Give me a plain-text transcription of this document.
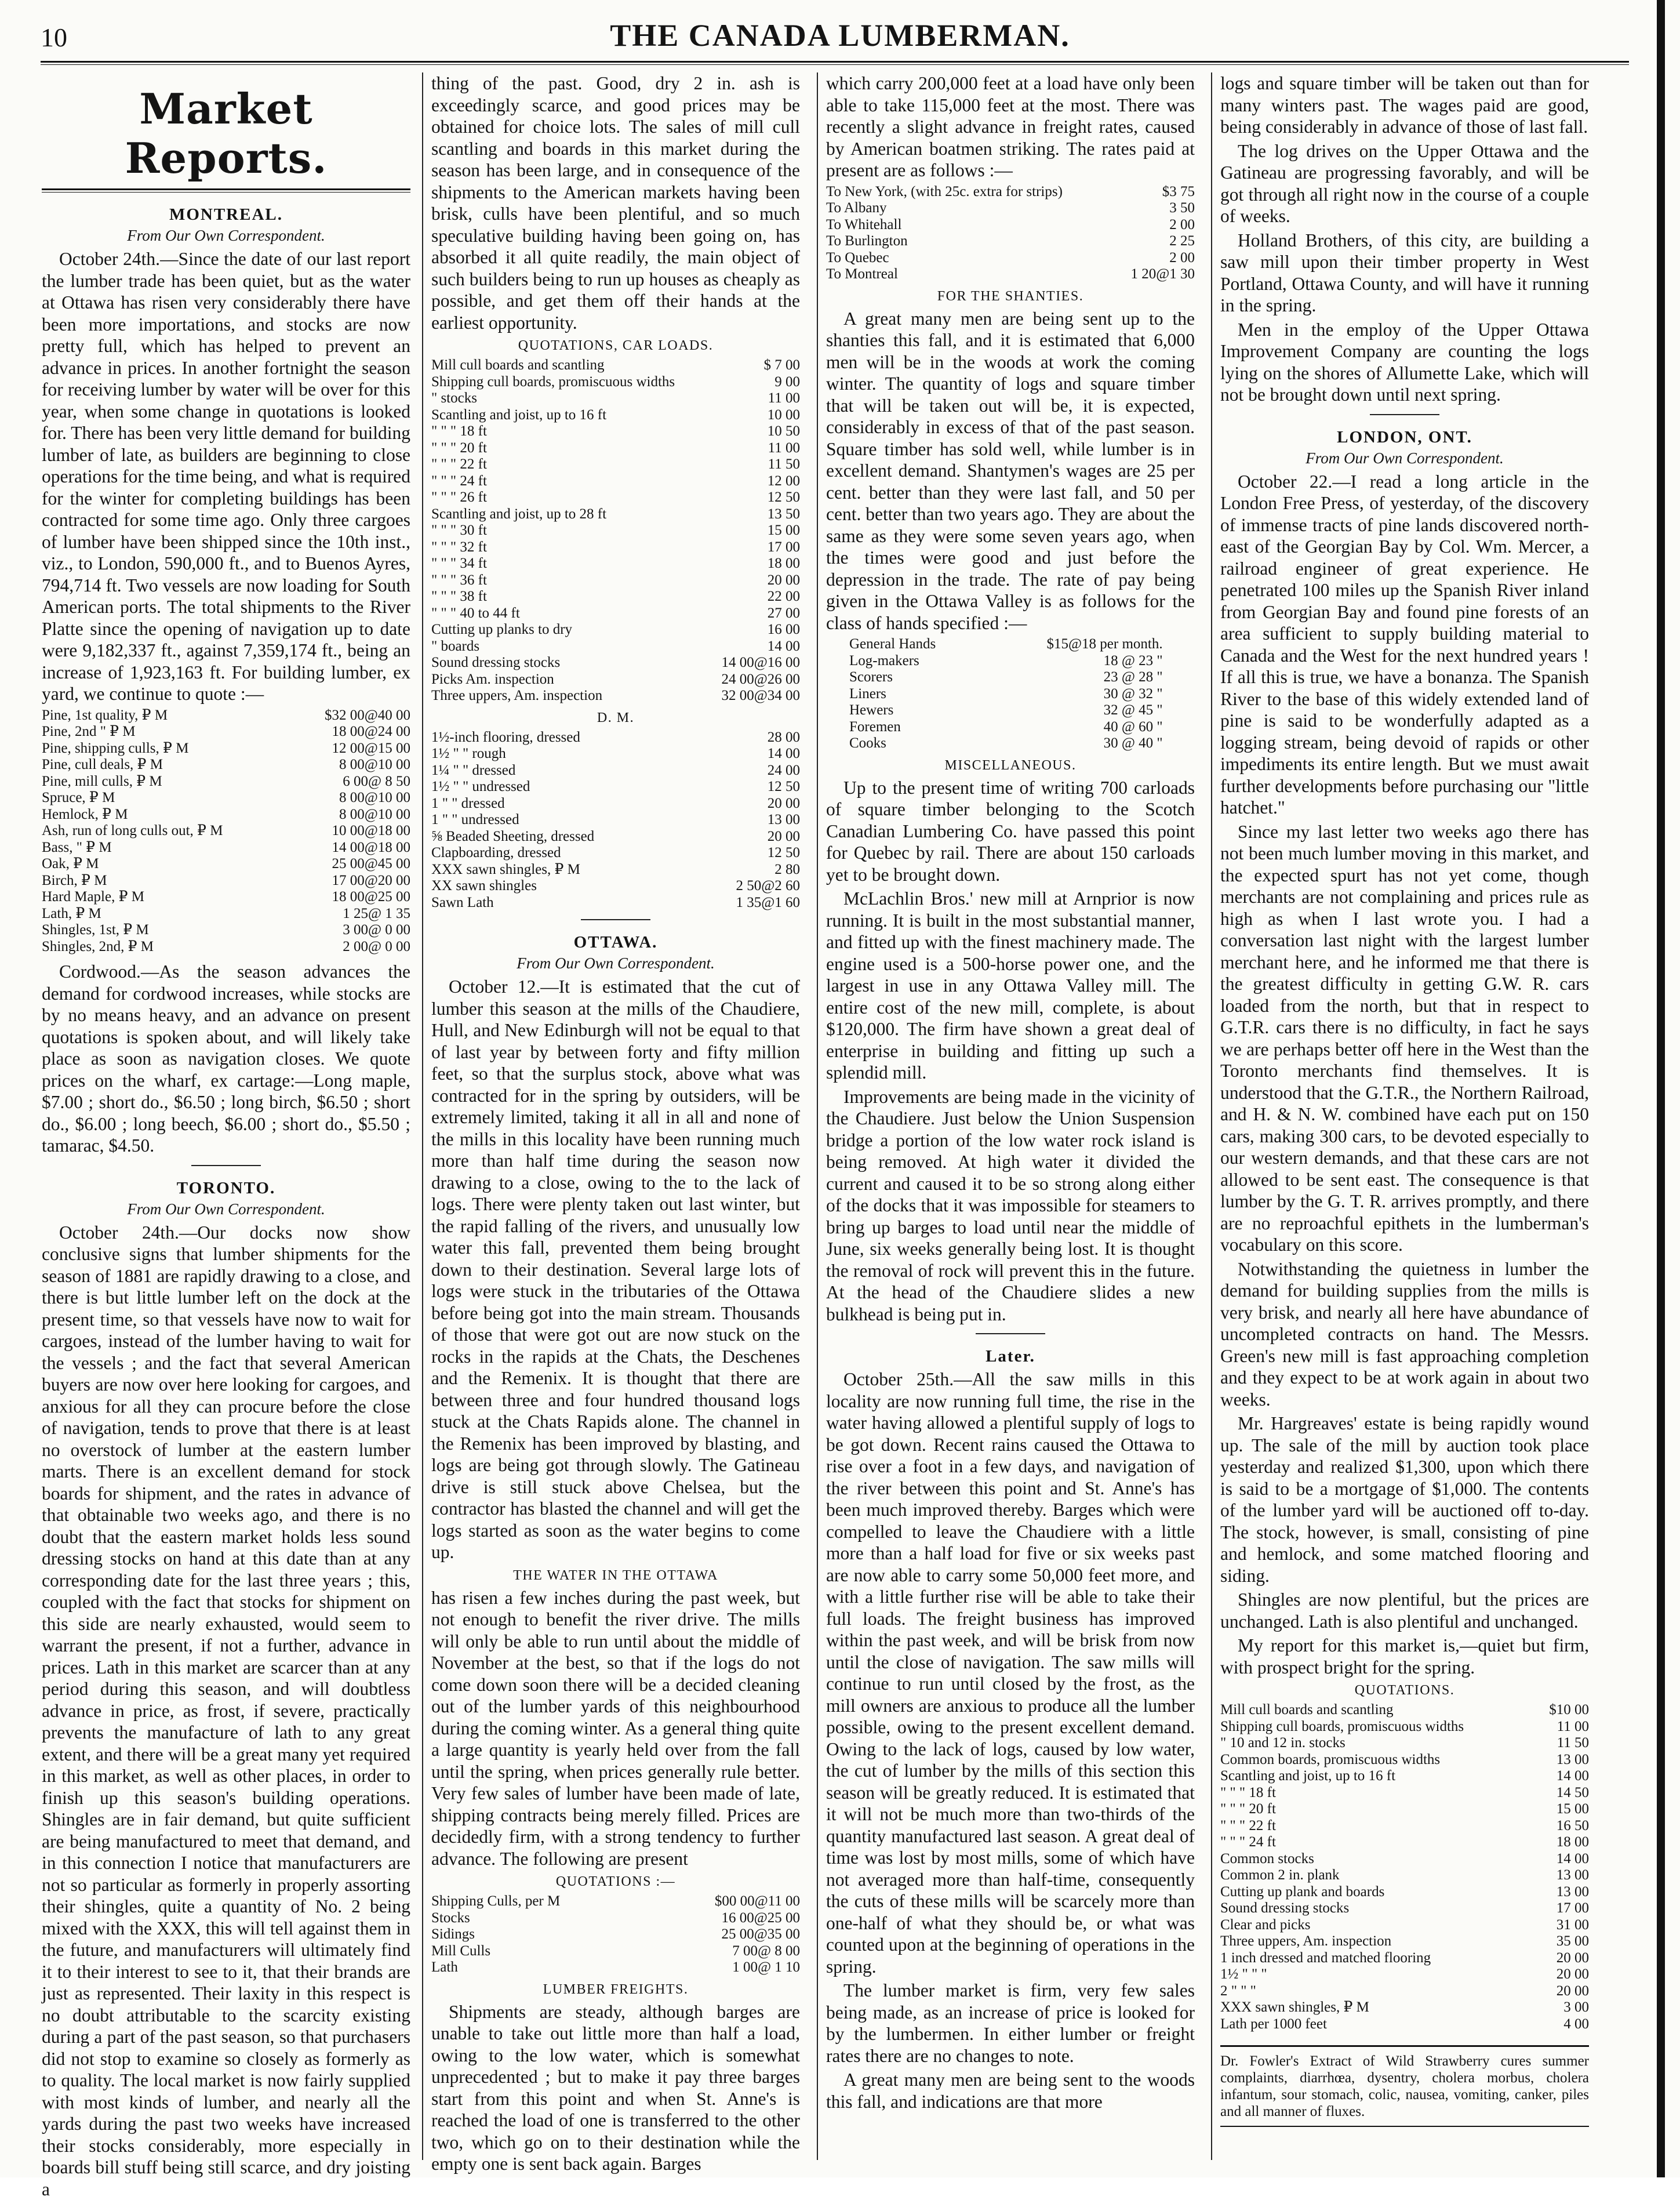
10	THE CANADA LUMBERMAN.
Market Reports.
MONTREAL.
From Our Own Correspondent.

October 24th.—Since the date of our last report the lumber trade has been quiet, but as the water at Ottawa has risen very considerably there have been more importations, and stocks are now pretty full, which has helped to prevent an advance in prices. In another fortnight the season for receiving lumber by water will be over for this year, when some change in quotations is looked for. There has been very little demand for building lumber of late, as builders are beginning to close operations for the time being, and what is required for the winter for completing buildings has been contracted for some time ago. Only three cargoes of lumber have been shipped since the 10th inst., viz., to London, 590,000 ft., and to Buenos Ayres, 794,714 ft. Two vessels are now loading for South American ports. The total shipments to the River Platte since the opening of navigation up to date were 9,182,337 ft., against 7,359,174 ft., being an increase of 1,923,163 ft. For building lumber, ex yard, we continue to quote :—

Pine, 1st quality, ₽ M	$32 00@40 00
Pine, 2nd " ₽ M	18 00@24 00
Pine, shipping culls, ₽ M	12 00@15 00
Pine, cull deals, ₽ M	8 00@10 00
Pine, mill culls, ₽ M	6 00@ 8 50
Spruce, ₽ M	8 00@10 00
Hemlock, ₽ M	8 00@10 00
Ash, run of long culls out, ₽ M	10 00@18 00
Bass, " ₽ M	14 00@18 00
Oak, ₽ M	25 00@45 00
Birch, ₽ M	17 00@20 00
Hard Maple, ₽ M	18 00@25 00
Lath, ₽ M	1 25@ 1 35
Shingles, 1st, ₽ M	3 00@ 0 00
Shingles, 2nd, ₽ M	2 00@ 0 00

Cordwood.—As the season advances the demand for cordwood increases, while stocks are by no means heavy, and an advance on present quotations is spoken about, and will likely take place as soon as navigation closes. We quote prices on the wharf, ex cartage:—Long maple, $7.00 ; short do., $6.50 ; long birch, $6.50 ; short do., $6.00 ; long beech, $6.00 ; short do., $5.50 ; tamarac, $4.50.

TORONTO.
From Our Own Correspondent.

October 24th.—Our docks now show conclusive signs that lumber shipments for the season of 1881 are rapidly drawing to a close, and there is but little lumber left on the dock at the present time, so that vessels have now to wait for cargoes, instead of the lumber having to wait for the vessels ; and the fact that several American buyers are now over here looking for cargoes, and anxious for all they can procure before the close of navigation, tends to prove that there is at least no overstock of lumber at the eastern lumber marts. There is an excellent demand for stock boards for shipment, and the rates in advance of that obtainable two weeks ago, and there is no doubt that the eastern market holds less sound dressing stocks on hand at this date than at any corresponding date for the last three years ; this, coupled with the fact that stocks for shipment on this side are nearly exhausted, would seem to warrant the present, if not a further, advance in prices. Lath in this market are scarcer than at any period during this season, and will doubtless advance in price, as frost, if severe, practically prevents the manufacture of lath to any great extent, and there will be a great many yet required in this market, as well as other places, in order to finish up this season's building operations. Shingles are in fair demand, but quite sufficient are being manufactured to meet that demand, and in this connection I notice that manufacturers are not so particular as formerly in properly assorting their shingles, quite a quantity of No. 2 being mixed with the XXX, this will tell against them in the future, and manufacturers will ultimately find it to their interest to see to it, that their brands are just as represented. Their laxity in this respect is no doubt attributable to the scarcity existing during a part of the past season, so that purchasers did not stop to examine so closely as formerly as to quality. The local market is now fairly supplied with most kinds of lumber, and nearly all the yards during the past two weeks have increased their stocks considerably, more especially in boards bill stuff being still scarce, and dry joisting a

thing of the past. Good, dry 2 in. ash is exceedingly scarce, and good prices may be obtained for choice lots. The sales of mill cull scantling and boards in this market during the season has been large, and in consequence of the shipments to the American markets having been brisk, culls have been plentiful, and so much speculative building having been going on, has absorbed it all quite readily, the main object of such builders being to run up houses as cheaply as possible, and get them off their hands at the earliest opportunity.

QUOTATIONS, CAR LOADS.
Mill cull boards and scantling	$ 7 00
Shipping cull boards, promiscuous widths	9 00
" stocks	11 00
Scantling and joist, up to 16 ft	10 00
" " " 18 ft	10 50
" " " 20 ft	11 00
" " " 22 ft	11 50
" " " 24 ft	12 00
" " " 26 ft	12 50
Scantling and joist, up to 28 ft	13 50
" " " 30 ft	15 00
" " " 32 ft	17 00
" " " 34 ft	18 00
" " " 36 ft	20 00
" " " 38 ft	22 00
" " " 40 to 44 ft	27 00
Cutting up planks to dry	16 00
" boards	14 00
Sound dressing stocks	14 00@16 00
Picks Am. inspection	24 00@26 00
Three uppers, Am. inspection	32 00@34 00
D. M.
1½-inch flooring, dressed	28 00
1½ " " rough	14 00
1¼ " " dressed	24 00
1½ " " undressed	12 50
1 " " dressed	20 00
1 " " undressed	13 00
⅝ Beaded Sheeting, dressed	20 00
Clapboarding, dressed	12 50
XXX sawn shingles, ₽ M	2 80
XX sawn shingles	2 50@2 60
Sawn Lath	1 35@1 60
OTTAWA.
From Our Own Correspondent.

October 12.—It is estimated that the cut of lumber this season at the mills of the Chaudiere, Hull, and New Edinburgh will not be equal to that of last year by between forty and fifty million feet, so that the surplus stock, above what was contracted for in the spring by outsiders, will be extremely limited, taking it all in all and none of the mills in this locality have been running much more than half time during the season now drawing to a close, owing to the to the lack of logs. There were plenty taken out last winter, but the rapid falling of the rivers, and unusually low water this fall, prevented them being brought down to their destination. Several large lots of logs were stuck in the tributaries of the Ottawa before being got into the main stream. Thousands of those that were got out are now stuck on the rocks in the rapids at the Chats, the Deschenes and the Remenix. It is thought that there are between three and four hundred thousand logs stuck at the Chats Rapids alone. The channel in the Remenix has been improved by blasting, and logs are being got through slowly. The Gatineau drive is still stuck above Chelsea, but the contractor has blasted the channel and will get the logs started as soon as the water begins to come up.

THE WATER IN THE OTTAWA

has risen a few inches during the past week, but not enough to benefit the river drive. The mills will only be able to run until about the middle of November at the best, so that if the logs do not come down soon there will be a decided cleaning out of the lumber yards of this neighbourhood during the coming winter. As a general thing quite a large quantity is yearly held over from the fall until the spring, when prices generally rule better. Very few sales of lumber have been made of late, shipping contracts being merely filled. Prices are decidedly firm, with a strong tendency to further advance. The following are present

QUOTATIONS :—
Shipping Culls, per M	$00 00@11 00
Stocks	16 00@25 00
Sidings	25 00@35 00
Mill Culls	7 00@ 8 00
Lath	1 00@ 1 10
LUMBER FREIGHTS.

Shipments are steady, although barges are unable to take out little more than half a load, owing to the low water, which is somewhat unprecedented ; but to make it pay three barges start from this point and when St. Anne's is reached the load of one is transferred to the other two, which go on to their destination while the empty one is sent back again. Barges

which carry 200,000 feet at a load have only been able to take 115,000 feet at the most. There was recently a slight advance in freight rates, caused by American boatmen striking. The rates paid at present are as follows :—

To New York, (with 25c. extra for strips)	$3 75
To Albany	3 50
To Whitehall	2 00
To Burlington	2 25
To Quebec	2 00
To Montreal	1 20@1 30
FOR THE SHANTIES.

A great many men are being sent up to the shanties this fall, and it is estimated that 6,000 men will be in the woods at work the coming winter. The quantity of logs and square timber that will be taken out will be, it is expected, considerably in excess of that of the past season. Square timber has sold well, while lumber is in excellent demand. Shantymen's wages are 25 per cent. better than they were last fall, and 50 per cent. better than two years ago. They are about the same as they were some seven years ago, when the times were good and just before the depression in the trade. The rate of pay being given in the Ottawa Valley is as follows for the class of hands specified :—

General Hands	$15@18 per month.
Log-makers	18 @ 23 "
Scorers	23 @ 28 "
Liners	30 @ 32 "
Hewers	32 @ 45 "
Foremen	40 @ 60 "
Cooks	30 @ 40 "
MISCELLANEOUS.

Up to the present time of writing 700 carloads of square timber belonging to the Scotch Canadian Lumbering Co. have passed this point for Quebec by rail. There are about 150 carloads yet to be brought down.

McLachlin Bros.' new mill at Arnprior is now running. It is built in the most substantial manner, and fitted up with the finest machinery made. The engine used is a 500-horse power one, and the largest in use in any Ottawa Valley mill. The entire cost of the new mill, complete, is about $120,000. The firm have shown a great deal of enterprise in building and fitting up such a splendid mill.

Improvements are being made in the vicinity of the Chaudiere. Just below the Union Suspension bridge a portion of the low water rock island is being removed. At high water it divided the current and caused it to be so strong along either of the docks that it was impossible for steamers to bring up barges to load until near the middle of June, six weeks generally being lost. It is thought the removal of rock will prevent this in the future. At the head of the Chaudiere slides a new bulkhead is being put in.

Later.

October 25th.—All the saw mills in this locality are now running full time, the rise in the water having allowed a plentiful supply of logs to be got down. Recent rains caused the Ottawa to rise over a foot in a few days, and navigation of the river between this point and St. Anne's has been much improved thereby. Barges which were compelled to leave the Chaudiere with a little more than a half load for five or six weeks past are now able to carry some 50,000 feet more, and with a little further rise will be able to take their full loads. The freight business has improved within the past week, and will be brisk from now until the close of navigation. The saw mills will continue to run until closed by the frost, as the mill owners are anxious to produce all the lumber possible, owing to the present excellent demand. Owing to the lack of logs, caused by low water, the cut of lumber by the mills of this section this season will be greatly reduced. It is estimated that it will not be much more than two-thirds of the quantity manufactured last season. A great deal of time was lost by most mills, some of which have not averaged more than half-time, consequently the cuts of these mills will be scarcely more than one-half of what they should be, or what was counted upon at the beginning of operations in the spring.

The lumber market is firm, very few sales being made, as an increase of price is looked for by the lumbermen. In either lumber or freight rates there are no changes to note.

A great many men are being sent to the woods this fall, and indications are that more

logs and square timber will be taken out than for many winters past. The wages paid are good, being considerably in advance of those of last fall.

The log drives on the Upper Ottawa and the Gatineau are progressing favorably, and will be got through all right now in the course of a couple of weeks.

Holland Brothers, of this city, are building a saw mill upon their timber property in West Portland, Ottawa County, and will have it running in the spring.

Men in the employ of the Upper Ottawa Improvement Company are counting the logs lying on the shores of Allumette Lake, which will not be brought down until next spring.

LONDON, ONT.
From Our Own Correspondent.

October 22.—I read a long article in the London Free Press, of yesterday, of the discovery of immense tracts of pine lands discovered north-east of the Georgian Bay by Col. Wm. Mercer, a railroad engineer of great experience. He penetrated 100 miles up the Spanish River inland from Georgian Bay and found pine forests of an area sufficient to supply building material to Canada and the West for the next hundred years ! If all this is true, we have a bonanza. The Spanish River to the base of this widely extended land of pine is said to be wonderfully adapted as a logging stream, being devoid of rapids or other impediments its entire length. But we must await further developments before purchasing our "little hatchet."

Since my last letter two weeks ago there has not been much lumber moving in this market, and the expected spurt has not yet come, though merchants are not complaining and prices rule as high as when I last wrote you. I had a conversation last night with the largest lumber merchant here, and he informed me that there is the greatest difficulty in getting G.W. R. cars loaded from the north, but that in respect to G.T.R. cars there is no difficulty, in fact he says we are perhaps better off here in the West than the Toronto merchants find themselves. It is understood that the G.T.R., the Northern Railroad, and H. & N. W. combined have each put on 150 cars, making 300 cars, to be devoted especially to our western demands, and that these cars are not allowed to be sent east. The consequence is that lumber by the G. T. R. arrives promptly, and there are no reproachful epithets in the lumberman's vocabulary on this score.

Notwithstanding the quietness in lumber the demand for building supplies from the mills is very brisk, and nearly all here have abundance of uncompleted contracts on hand. The Messrs. Green's new mill is fast approaching completion and they expect to be at work again in about two weeks.

Mr. Hargreaves' estate is being rapidly wound up. The sale of the mill by auction took place yesterday and realized $1,300, upon which there is said to be a mortgage of $1,000. The contents of the lumber yard will be auctioned off to-day. The stock, however, is small, consisting of pine and hemlock, and some matched flooring and siding.

Shingles are now plentiful, but the prices are unchanged. Lath is also plentiful and unchanged.

My report for this market is,—quiet but firm, with prospect bright for the spring.

QUOTATIONS.
Mill cull boards and scantling	$10 00
Shipping cull boards, promiscuous widths	11 00
" 10 and 12 in. stocks	11 50
Common boards, promiscuous widths	13 00
Scantling and joist, up to 16 ft	14 00
" " " 18 ft	14 50
" " " 20 ft	15 00
" " " 22 ft	16 50
" " " 24 ft	18 00
Common stocks	14 00
Common 2 in. plank	13 00
Cutting up plank and boards	13 00
Sound dressing stocks	17 00
Clear and picks	31 00
Three uppers, Am. inspection	35 00
1 inch dressed and matched flooring	20 00
1½ " " "	20 00
2 " " "	20 00
XXX sawn shingles, ₽ M	3 00
Lath per 1000 feet	4 00
Dr. Fowler's Extract of Wild Strawberry cures summer complaints, diarrhœa, dysentry, cholera morbus, cholera infantum, sour stomach, colic, nausea, vomiting, canker, piles and all manner of fluxes.
